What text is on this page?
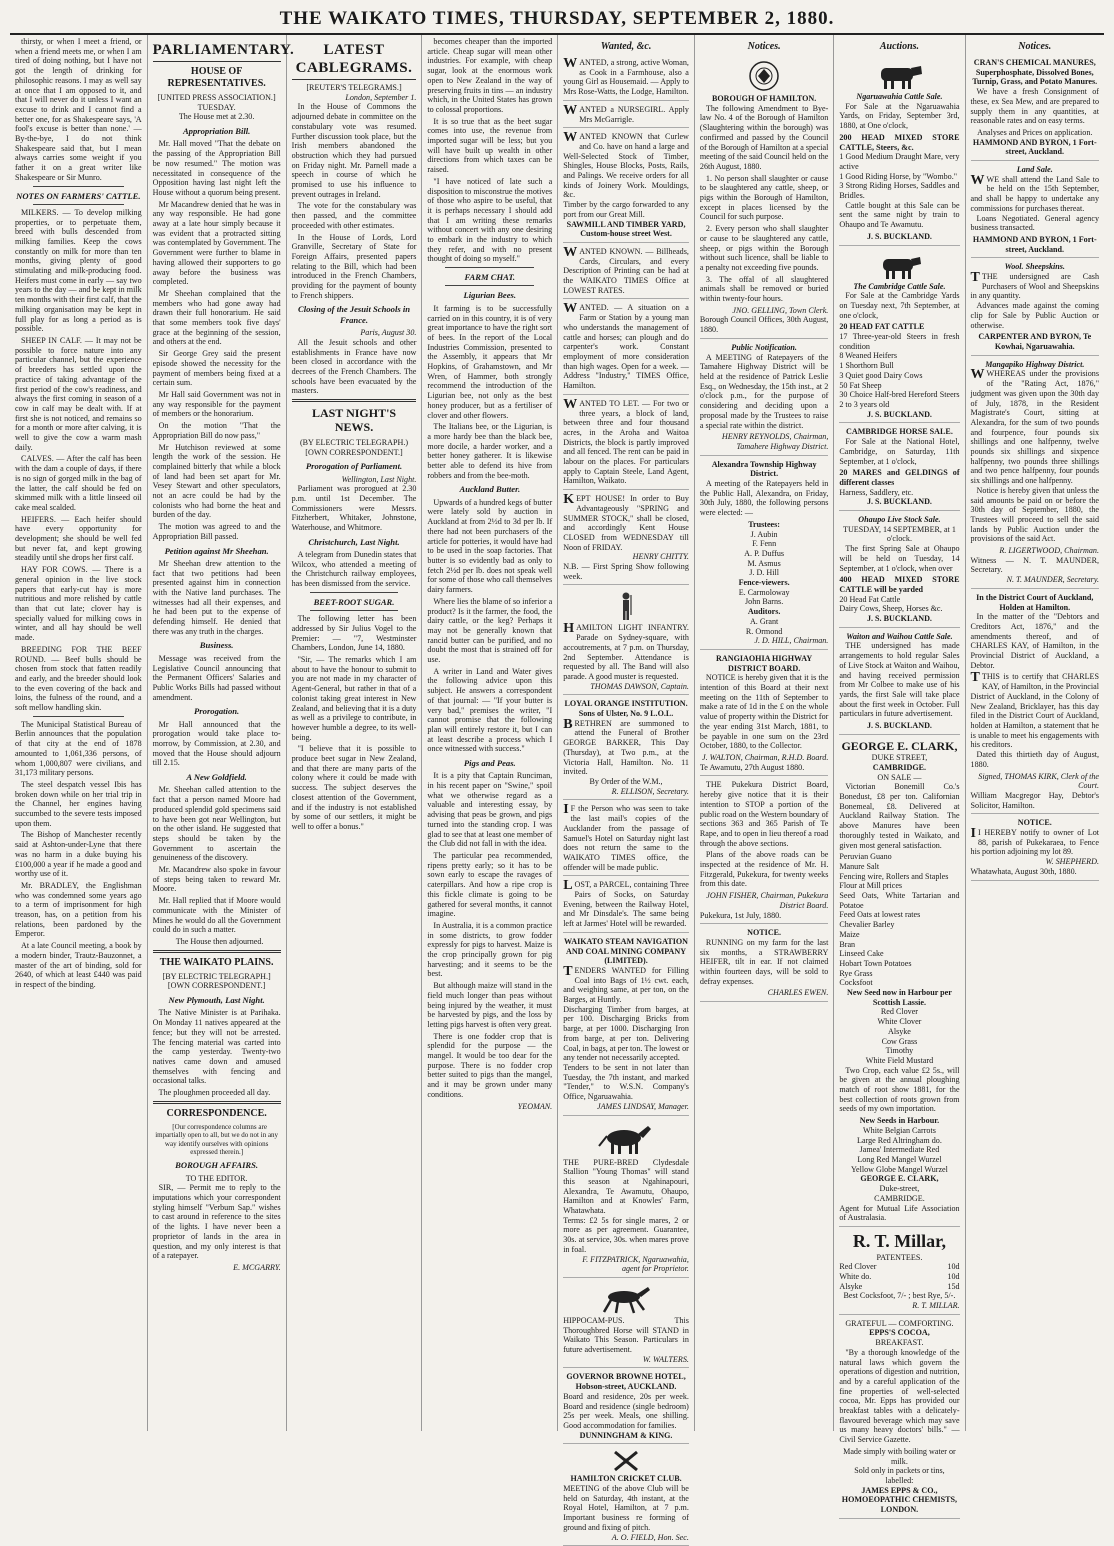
THE WAIKATO TIMES, THURSDAY, SEPTEMBER 2, 1880.

thirsty, or when I meet a friend, or when a friend meets me, or when I am tired of doing nothing, but I have not got the length of drinking for philosophic reasons. I may as well say at once that I am opposed to it, and that I will never do it unless I want an excuse to drink and I cannot find a better one, for as Shakespeare says, 'A fool's excuse is better than none.' — By-the-bye, I do not think Shakespeare said that, but I mean always carries some weight if you father it on a great writer like Shakespeare or Sir Munro.

NOTES ON FARMERS' CATTLE.

MILKERS. — To develop milking properties, or to perpetuate them, breed with bulls descended from milking families. Keep the cows constantly on milk for more than ten months, giving plenty of good stimulating and milk-producing food. Heifers must come in early — say two years to the day — and be kept in milk ten months with their first calf, that the milking organisation may be kept in full play for as long a period as is possible.

SHEEP IN CALF. — It may not be possible to force nature into any particular channel, but the experience of breeders has settled upon the practice of taking advantage of the first period of the cow's readiness, and always the first coming in season of a cow in calf may be dealt with. If at first she is not noticed, and remains so for a month or more after calving, it is well to give the cow a warm mash daily.

CALVES. — After the calf has been with the dam a couple of days, if there is no sign of gorged milk in the bag of the latter, the calf should be fed on skimmed milk with a little linseed oil cake meal scalded.

HEIFERS. — Each heifer should have every opportunity for development; she should be well fed but never fat, and kept growing steadily until she drops her first calf.

HAY FOR COWS. — There is a general opinion in the live stock papers that early-cut hay is more nutritious and more relished by cattle than that cut late; clover hay is specially valued for milking cows in winter, and all hay should be well made.

BREEDING FOR THE BEEF ROUND. — Beef bulls should be chosen from stock that fatten readily and early, and the breeder should look to the even covering of the back and loins, the fulness of the round, and a soft mellow handling skin.

The Municipal Statistical Bureau of Berlin announces that the population of that city at the end of 1878 amounted to 1,061,336 persons, of whom 1,000,807 were civilians, and 31,173 military persons.

The steel despatch vessel Ibis has broken down while on her trial trip in the Channel, her engines having succumbed to the severe tests imposed upon them.

The Bishop of Manchester recently said at Ashton-under-Lyne that there was no harm in a duke buying his £100,000 a year if he made a good and worthy use of it.

Mr. BRADLEY, the Englishman who was condemned some years ago to a term of imprisonment for high treason, has, on a petition from his relations, been pardoned by the Emperor.

At a late Council meeting, a book by a modern binder, Trautz-Bauzonnet, a master of the art of binding, sold for 2640, of which at least £440 was paid in respect of the binding.

PARLIAMENTARY.
HOUSE OF REPRESENTATIVES.
[UNITED PRESS ASSOCIATION.]
TUESDAY.
The House met at 2.30.
Appropriation Bill.

Mr. Hall moved "That the debate on the passing of the Appropriation Bill be now resumed." The motion was necessitated in consequence of the Opposition having last night left the House without a quorum being present.

Mr Macandrew denied that he was in any way responsible. He had gone away at a late hour simply because it was evident that a protracted sitting was contemplated by Government. The Government were further to blame in having allowed their supporters to go away before the business was completed.

Mr Sheehan complained that the members who had gone away had drawn their full honorarium. He said that some members took five days' grace at the beginning of the session, and others at the end.

Sir George Grey said the present episode showed the necessity for the payment of members being fixed at a certain sum.

Mr Hall said Government was not in any way responsible for the payment of members or the honorarium.

On the motion "That the Appropriation Bill do now pass,"

Mr Hutchison reviewed at some length the work of the session. He complained bitterly that while a block of land had been set apart for Mr. Vesey Stewart and other speculators, not an acre could be had by the colonists who had borne the heat and burden of the day.

The motion was agreed to and the Appropriation Bill passed.

Petition against Mr Sheehan.

Mr Sheehan drew attention to the fact that two petitions had been presented against him in connection with the Native land purchases. The witnesses had all their expenses, and he had been put to the expense of defending himself. He denied that there was any truth in the charges.

Business.

Message was received from the Legislative Council announcing that the Permanent Officers' Salaries and Public Works Bills had passed without amendment.

Prorogation.

Mr Hall announced that the prorogation would take place to-morrow, by Commission, at 2.30, and moved that the House should adjourn till 2.15.

A New Goldfield.

Mr. Sheehan called attention to the fact that a person named Moore had produced splendid gold specimens said to have been got near Wellington, but on the other island. He suggested that steps should be taken by the Government to ascertain the genuineness of the discovery.

Mr. Macandrew also spoke in favour of steps being taken to reward Mr. Moore.

Mr. Hall replied that if Moore would communicate with the Minister of Mines he would do all the Government could do in such a matter.

The House then adjourned.

THE WAIKATO PLAINS.
[BY ELECTRIC TELEGRAPH.]
[OWN CORRESPONDENT.]
New Plymouth, Last Night.

The Native Minister is at Parihaka. On Monday 11 natives appeared at the fence; but they will not be arrested. The fencing material was carted into the camp yesterday. Twenty-two natives came down and amused themselves with fencing and occasional talks.

The ploughmen proceeded all day.

CORRESPONDENCE.

[Our correspondence columns are impartially open to all, but we do not in any way identify ourselves with opinions expressed therein.]

BOROUGH AFFAIRS.
TO THE EDITOR.

SIR, — Permit me to reply to the imputations which your correspondent styling himself "Verbum Sap." wishes to cast around in reference to the sites of the lights. I have never been a proprietor of lands in the area in question, and my only interest is that of a ratepayer.

E. MCGARRY.
LATEST CABLEGRAMS.
[REUTER'S TELEGRAMS.]
London, September 1.

In the House of Commons the adjourned debate in committee on the constabulary vote was resumed. Further discussion took place, but the Irish members abandoned the obstruction which they had pursued on Friday night. Mr. Parnell made a speech in course of which he promised to use his influence to prevent outrages in Ireland.

The vote for the constabulary was then passed, and the committee proceeded with other estimates.

In the House of Lords, Lord Granville, Secretary of State for Foreign Affairs, presented papers relating to the Bill, which had been introduced in the French Chambers, providing for the payment of bounty to French shippers.

Closing of the Jesuit Schools in France.
Paris, August 30.

All the Jesuit schools and other establishments in France have now been closed in accordance with the decrees of the French Chambers. The schools have been evacuated by the masters.

LAST NIGHT'S NEWS.
(BY ELECTRIC TELEGRAPH.)
[OWN CORRESPONDENT.]
Prorogation of Parliament.
Wellington, Last Night.

Parliament was prorogued at 2.30 p.m. until 1st December. The Commissioners were Messrs. Fitzherbert, Whitaker, Johnstone, Waterhouse, and Whitmore.

Christchurch, Last Night.

A telegram from Dunedin states that Wilcox, who attended a meeting of the Christchurch railway employees, has been dismissed from the service.

BEET-ROOT SUGAR.

The following letter has been addressed by Sir Julius Vogel to the Premier: — "7, Westminster Chambers, London, June 14, 1880.

"Sir, — The remarks which I am about to have the honour to submit to you are not made in my character of Agent-General, but rather in that of a colonist taking great interest in New Zealand, and believing that it is a duty as well as a privilege to contribute, in however humble a degree, to its well-being.

"I believe that it is possible to produce beet sugar in New Zealand, and that there are many parts of the colony where it could be made with success. The subject deserves the closest attention of the Government, and if the industry is not established by some of our settlers, it might be well to offer a bonus."

becomes cheaper than the imported article. Cheap sugar will mean other industries. For example, with cheap sugar, look at the enormous work open to New Zealand in the way of preserving fruits in tins — an industry which, in the United States has grown to colossal proportions.

It is so true that as the beet sugar comes into use, the revenue from imported sugar will be less; but you will have built up wealth in other directions from which taxes can be raised.

"I have noticed of late such a disposition to misconstrue the motives of those who aspire to be useful, that it is perhaps necessary I should add that I am writing these remarks without concert with any one desiring to embark in the industry to which they refer, and with no present thought of doing so myself."

FARM CHAT.
Ligurian Bees.

It farming is to be successfully carried on in this country, it is of very great importance to have the right sort of bees. In the report of the Local Industries Commission, presented to the Assembly, it appears that Mr Hopkins, of Grahamstown, and Mr Wren, of Hammer, both strongly recommend the introduction of the Ligurian bee, not only as the best honey producer, but as a fertiliser of clover and other flowers.

The Italians bee, or the Ligurian, is a more hardy bee than the black bee, more docile, a harder worker, and a better honey gatherer. It is likewise better able to defend its hive from robbers and from the bee-moth.

Auckland Butter.

Upwards of a hundred kegs of butter were lately sold by auction in Auckland at from 2½d to 3d per lb. If there had not been purchasers of the article for potteries, it would have had to be used in the soap factories. That butter is so evidently bad as only to fetch 2½d per lb. does not speak well for some of those who call themselves dairy farmers.

Where lies the blame of so inferior a product? Is it the farmer, the food, the dairy cattle, or the keg? Perhaps it may not be generally known that rancid butter can be purified, and no doubt the most that is strained off for use.

A writer in Land and Water gives the following advice upon this subject. He answers a correspondent of that journal: — "If your butter is very bad," premises the writer, "I cannot promise that the following plan will entirely restore it, but I can at least describe a process which I once witnessed with success."

Pigs and Peas.

It is a pity that Captain Runciman, in his recent paper on "Swine," spoil what we otherwise regard as a valuable and interesting essay, by advising that peas be grown, and pigs turned into the standing crop. I was glad to see that at least one member of the Club did not fall in with the idea.

The particular pea recommended, ripens pretty early; so it has to be sown early to escape the ravages of caterpillars. And how a ripe crop is this fickle climate is going to be gathered for several months, it cannot imagine.

In Australia, it is a common practice in some districts, to grow fodder expressly for pigs to harvest. Maize is the crop principally grown for pig harvesting; and it seems to be the best.

But although maize will stand in the field much longer than peas without being injured by the weather, it must be harvested by pigs, and the loss by letting pigs harvest is often very great.

There is one fodder crop that is splendid for the purpose — the mangel. It would be too dear for the purpose. There is no fodder crop better suited to pigs than the mangel, and it may be grown under many conditions.

YEOMAN.
Wanted, &c.
WANTED, a strong, active Woman, as Cook in a Farmhouse, also a young Girl as Housemaid. — Apply to Mrs Rose-Watts, the Lodge, Hamilton.
WANTED a NURSEGIRL. Apply Mrs McGarrigle.
WANTED KNOWN that Curlew and Co. have on hand a large and Well-Selected Stock of Timber, Shingles, House Blocks, Posts, Rails, and Palings. We receive orders for all kinds of Joinery Work. Mouldings, &c.
Timber by the cargo forwarded to any port from our Great Mill.
SAWMILL AND TIMBER YARD, Custom-house street West.
WANTED KNOWN. — Billheads, Cards, Circulars, and every Description of Printing can be had at the WAIKATO TIMES Office at LOWEST RATES.
WANTED. — A situation on a Farm or Station by a young man who understands the management of cattle and horses; can plough and do carpenter's work. Constant employment of more consideration than high wages. Open for a week. — Address "Industry," TIMES Office, Hamilton.
WANTED TO LET. — For two or three years, a block of land, between three and four thousand acres, in the Aroha and Waitoa Districts, the block is partly improved and all fenced. The rent can be paid in labour on the places. For particulars apply to Captain Steele, Land Agent, Hamilton, Waikato.
KEPT HOUSE! In order to Buy Advantageously "SPRING and SUMMER STOCK," shall be closed, and accordingly Kent House CLOSED from WEDNESDAY till Noon of FRIDAY.
HENRY CHITTY.
N.B. — First Spring Show following week.
HAMILTON LIGHT INFANTRY. Parade on Sydney-square, with accoutrements, at 7 p.m. on Thursday, 2nd September. Attendance is requested by all. The Band will also parade. A good muster is requested.
THOMAS DAWSON, Captain.
LOYAL ORANGE INSTITUTION.
Sons of Ulster, No. 9 L.O.L.
B RETHREN are summoned to attend the Funeral of Brother GEORGE BARKER, This Day (Thursday), at Two p.m., at the Victoria Hall, Hamilton. No. 11 invited.
By Order of the W.M.,
R. ELLISON, Secretary.
I F the Person who was seen to take the last mail's copies of the Aucklander from the passage of Samuel's Hotel on Saturday night last does not return the same to the WAIKATO TIMES office, the offender will be made public.
LOST, a PARCEL, containing Three Pairs of Socks, on Saturday Evening, between the Railway Hotel, and Mr Dinsdale's. The same being left at Jarmes' Hotel will be rewarded.
WAIKATO STEAM NAVIGATION AND COAL MINING COMPANY (LIMITED).
T ENDERS WANTED for Filling Coal into Bags of 1½ cwt. each, and weighing same, at per ton, on the Barges, at Huntly.
Discharging Timber from barges, at per 100. Discharging Bricks from barge, at per 1000. Discharging Iron from barge, at per ton. Delivering Coal, in bags, at per ton. The lowest or any tender not necessarily accepted.
Tenders to be sent in not later than Tuesday, the 7th instant, and marked "Tender," to W.S.N. Company's Office, Ngaruawahia.
JAMES LINDSAY, Manager.
THE PURE-BRED Clydesdale Stallion "Young Thomas" will stand this season at Ngahinapouri, Alexandra, Te Awamutu, Ohaupo, Hamilton and at Knowles' Farm, Whatawhata.
Terms: £2 5s for single mares, 2 or more as per agreement. Guarantee, 30s. at service, 30s. when mares prove in foal.
F. FITZPATRICK, Ngaruawahia, agent for Proprietor.
HIPPOCAM-PUS. This Thoroughbred Horse will STAND in Waikato This Season. Particulars in future advertisement.
W. WALTERS.
GOVERNOR BROWNE HOTEL, Hobson-street, AUCKLAND.
Board and residence, 20s per week. Board and residence (single bedroom) 25s per week. Meals, one shilling. Good accommodation for families.
DUNNINGHAM & KING.
HAMILTON CRICKET CLUB.
MEETING of the above Club will be held on Saturday, 4th instant, at the Royal Hotel, Hamilton, at 7 p.m. Important business re forming of ground and fixing of pitch.
A. O. FIELD, Hon. Sec.
Notices.
BOROUGH OF HAMILTON.

The following Amendment to Bye-law No. 4 of the Borough of Hamilton (Slaughtering within the borough) was confirmed and passed by the Council of the Borough of Hamilton at a special meeting of the said Council held on the 26th August, 1880.

1. No person shall slaughter or cause to be slaughtered any cattle, sheep, or pigs within the Borough of Hamilton, except in places licensed by the Council for such purpose.

2. Every person who shall slaughter or cause to be slaughtered any cattle, sheep, or pigs within the Borough without such licence, shall be liable to a penalty not exceeding five pounds.

3. The offal of all slaughtered animals shall be removed or buried within twenty-four hours.

JNO. GELLING, Town Clerk.
Borough Council Offices, 30th August, 1880.
Public Notification.

A MEETING of Ratepayers of the Tamahere Highway District will be held at the residence of Patrick Leslie Esq., on Wednesday, the 15th inst., at 2 o'clock p.m., for the purpose of considering and deciding upon a proposal made by the Trustees to raise a special rate within the district.

HENRY REYNOLDS, Chairman, Tamahere Highway District.
Alexandra Township Highway District.

A meeting of the Ratepayers held in the Public Hall, Alexandra, on Friday, 30th July, 1880, the following persons were elected: —

Trustees:
J. Aubin
F. Fenn
A. P. Duffus
M. Asmus
J. D. Hill
Fence-viewers.
E. Carmoloway
John Barns.
Auditors.
A. Grant
R. Ormond
J. D. HILL, Chairman.
RANGIAOHIA HIGHWAY DISTRICT BOARD.

NOTICE is hereby given that it is the intention of this Board at their next meeting on the 11th of September to make a rate of 1d in the £ on the whole value of property within the District for the year ending 31st March, 1881, to be payable in one sum on the 23rd October, 1880, to the Collector.

J. WALTON, Chairman, R.H.D. Board.
Te Awamutu, 27th August 1880.

THE Pukekura District Board, hereby give notice that it is their intention to STOP a portion of the public road on the Western boundary of sections 363 and 365 Parish of Te Rape, and to open in lieu thereof a road through the above sections.

Plans of the above roads can be inspected at the residence of Mr. H. Fitzgerald, Pukekura, for twenty weeks from this date.

JOHN FISHER, Chairman, Pukekura District Board.
Pukekura, 1st July, 1880.
NOTICE.

RUNNING on my farm for the last six months, a STRAWBERRY HEIFER, tilt in ear. If not claimed within fourteen days, will be sold to defray expenses.

CHARLES EWEN.
Auctions.
Ngaruawahia Cattle Sale.

For Sale at the Ngaruawahia Yards, on Friday, September 3rd, 1880, at One o'clock,

200 HEAD MIXED STORE CATTLE, Steers, &c.
1 Good Medium Draught Mare, very active
1 Good Riding Horse, by "Wombo."
3 Strong Riding Horses, Saddles and Bridles.

Cattle bought at this Sale can be sent the same night by train to Ohaupo and Te Awamutu.

J. S. BUCKLAND.
The Cambridge Cattle Sale.

For Sale at the Cambridge Yards on Tuesday next, 7th September, at one o'clock,

20 HEAD FAT CATTLE
17 Three-year-old Steers in fresh condition
8 Weaned Heifers
1 Shorthorn Bull
3 Quiet good Dairy Cows
50 Fat Sheep
30 Choice Half-bred Hereford Steers 2 to 3 years old
J. S. BUCKLAND.
CAMBRIDGE HORSE SALE.

For Sale at the National Hotel, Cambridge, on Saturday, 11th September, at 1 o'clock,

20 MARES and GELDINGS of different classes
Harness, Saddlery, etc.
J. S. BUCKLAND.
Ohaupo Live Stock Sale.
TUESDAY, 14 SEPTEMBER, at 1 o'clock.

The first Spring Sale at Ohaupo will be held on Tuesday, 14 September, at 1 o'clock, when over

400 HEAD MIXED STORE CATTLE will be yarded
20 Head Fat Cattle
Dairy Cows, Sheep, Horses &c.
J. S. BUCKLAND.
Waiton and Waihou Cattle Sale.

THE undersigned has made arrangements to hold regular Sales of Live Stock at Waiton and Waihou, and having received permission from Mr Colbee to make use of his yards, the first Sale will take place about the first week in October. Full particulars in future advertisement.

J. S. BUCKLAND.
GEORGE E. CLARK,
DUKE STREET,
CAMBRIDGE.
ON SALE —

Victorian Bonemill Co.'s Bonedust, £8 per ton. Californian Bonemeal, £8. Delivered at Auckland Railway Station. The above Manures have been thoroughly tested in Waikato, and given most general satisfaction.

Peruvian Guano
Manure Salt
Fencing wire, Rollers and Staples
Flour at Mill prices
Seed Oats, White Tartarian and Potatoe
Feed Oats at lowest rates
Chevalier Barley
Maize
Bran
Linseed Cake
Hobart Town Potatoes
Rye Grass
Cocksfoot
New Seed now in Harbour per Scottish Lassie.
Red Clover
White Clover
Alsyke
Cow Grass
Timothy
White Field Mustard

Two Crop, each value £2 5s., will be given at the annual ploughing match of root show 1881, for the best collection of roots grown from seeds of my own importation.

New Seeds in Harbour.
White Belgian Carrots
Large Red Altringham do.
Jamea' Intermediate Red
Long Red Mangel Wurzel
Yellow Globe Mangel Wurzel
GEORGE E. CLARK,
Duke-street,
CAMBRIDGE.
Agent for Mutual Life Association of Australasia.
R. T. Millar,
PATENTEES.
Red Clover	10d
White do.	10d
Alsyke	15d
Best Cocksfoot, 7/- ; best Rye, 5/-.
R. T. MILLAR.
GRATEFUL — COMFORTING.
EPPS'S COCOA,
BREAKFAST.

"By a thorough knowledge of the natural laws which govern the operations of digestion and nutrition, and by a careful application of the fine properties of well-selected cocoa, Mr. Epps has provided our breakfast tables with a delicately-flavoured beverage which may save us many heavy doctors' bills." — Civil Service Gazette.

Made simply with boiling water or milk.
Sold only in packets or tins, labelled:
JAMES EPPS & CO., HOMOEOPATHIC CHEMISTS, LONDON.
Notices.
CRAN'S CHEMICAL MANURES,
Superphosphate, Dissolved Bones, Turnip, Grass, and Potato Manures.

We have a fresh Consignment of these, ex Sea Mew, and are prepared to supply them in any quantities, at reasonable rates and on easy terms.

Analyses and Prices on application.
HAMMOND AND BYRON, 1 Fort-street, Auckland.
Land Sale.
W WE shall attend the Land Sale to be held on the 15th September, and shall be happy to undertake any commissions for purchases thereat.

Loans Negotiated. General agency business transacted.

HAMMOND AND BYRON, 1 Fort-street, Auckland.
Wool. Sheepskins.
T THE undersigned are Cash Purchasers of Wool and Sheepskins in any quantity.

Advances made against the coming clip for Sale by Public Auction or otherwise.

CARPENTER AND BYRON, Te Kowhai, Ngaruawahia.
Mangapiko Highway District.
W WHEREAS under the provisions of the "Rating Act, 1876," judgment was given upon the 30th day of July, 1878, in the Resident Magistrate's Court, sitting at Alexandra, for the sum of two pounds and fourpence, four pounds six shillings and one halfpenny, twelve pounds six shillings and sixpence halfpenny, two pounds three shillings and two pence halfpenny, four pounds six shillings and one halfpenny.

Notice is hereby given that unless the said amounts be paid on or before the 30th day of September, 1880, the Trustees will proceed to sell the said lands by Public Auction under the provisions of the said Act.

R. LIGERTWOOD, Chairman.
Witness — N. T. MAUNDER, Secretary.
N. T. MAUNDER, Secretary.
In the District Court of Auckland, Holden at Hamilton.

In the matter of the "Debtors and Creditors Act, 1876," and the amendments thereof, and of CHARLES KAY, of Hamilton, in the Provincial District of Auckland, a Debtor.

T THIS is to certify that CHARLES KAY, of Hamilton, in the Provincial District of Auckland, in the Colony of New Zealand, Bricklayer, has this day filed in the District Court of Auckland, holden at Hamilton, a statement that he is unable to meet his engagements with his creditors.

Dated this thirtieth day of August, 1880.

Signed, THOMAS KIRK, Clerk of the Court.
William Macgregor Hay, Debtor's Solicitor, Hamilton.
NOTICE.
I I HEREBY notify to owner of Lot 88, parish of Pukekaraea, to Fence his portion adjoining my lot 89.
W. SHEPHERD.
Whatawhata, August 30th, 1880.
